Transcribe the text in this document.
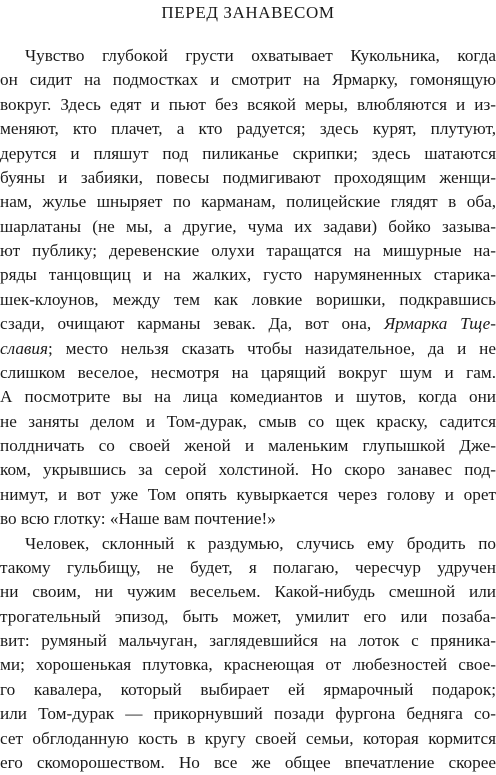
ПЕРЕД ЗАНАВЕСОМ
Чувство глубокой грусти охватывает Кукольника, когда
он сидит на подмостках и смотрит на Ярмарку, гомонящую
вокруг. Здесь едят и пьют без всякой меры, влюбляются и из-
меняют, кто плачет, а кто радуется; здесь курят, плутуют,
дерутся и пляшут под пиликанье скрипки; здесь шатаются
буяны и забияки, повесы подмигивают проходящим женщи-
нам, жулье шныряет по карманам, полицейские глядят в оба,
шарлатаны (не мы, а другие, чума их задави) бойко зазыва-
ют публику; деревенские олухи таращатся на мишурные на-
ряды танцовщиц и на жалких, густо нарумяненных старика-
шек-клоунов, между тем как ловкие воришки, подкравшись
сзади, очищают карманы зевак. Да, вот она, Ярмарка Тще-
славия; место нельзя сказать чтобы назидательное, да и не
слишком веселое, несмотря на царящий вокруг шум и гам.
А посмотрите вы на лица комедиантов и шутов, когда они
не заняты делом и Том-дурак, смыв со щек краску, садится
полдничать со своей женой и маленьким глупышкой Дже-
ком, укрывшись за серой холстиной. Но скоро занавес под-
нимут, и вот уже Том опять кувыркается через голову и орет
во всю глотку: «Наше вам почтение!»
Человек, склонный к раздумью, случись ему бродить по
такому гульбищу, не будет, я полагаю, чересчур удручен
ни своим, ни чужим весельем. Какой-нибудь смешной или
трогательный эпизод, быть может, умилит его или позабa-
вит: румяный мальчуган, заглядевшийся на лоток с пряника-
ми; хорошенькая плутовка, краснеющая от любезностей свое-
го кавалера, который выбирает ей ярмарочный подарок;
или Том-дурак — прикорнувший позади фургона бедняга со-
сет обглоданную кость в кругу своей семьи, которая кормится
его скоморошеством. Но все же общее впечатление скорее
